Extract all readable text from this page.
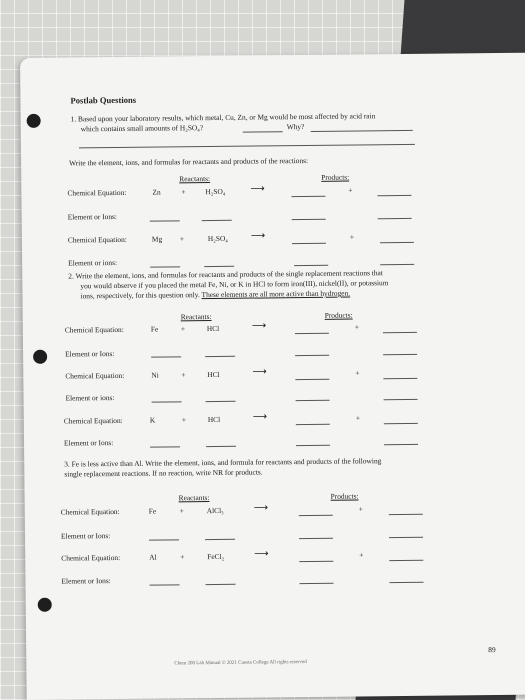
Postlab Questions
1. Based upon your laboratory results, which metal, Cu, Zn, or Mg would be most affected by acid rain
which contains small amounts of H₂SO₄?	Why?
Write the element, ions, and formulas for reactants and products of the reactions:
Reactants:	Products:
Chemical Equation:	Zn	+	H₂SO₄ ⟶	+
Element or Ions:
Chemical Equation:	Mg +	H₂SO₄ ⟶	+
Element or ions:
2. Write the element, ions, and formulas for reactants and products of the single replacement reactions that
you would observe if you placed the metal Fe, Ni, or K in HCl to form iron(III), nickel(II), or potassium
ions, respectively, for this question only. These elements are all more active than hydrogen.
Reactants:	Products:
Chemical Equation:	Fe	+	HCl	⟶	+
Element or Ions:
Chemical Equation:	Ni	+	HCl	⟶	+
Element or ions:
Chemical Equation:	K	+	HCl	⟶	+
Element or Ions:
3. Fe is less active than Al. Write the element, ions, and formula for reactants and products of the following
single replacement reactions. If no reaction, write NR for products.
Reactants:	Products:
Chemical Equation:	Fe	+	AlCl₃	⟶	+
Element or Ions:
Chemical Equation:	Al	+	FeCl₂	⟶	+
Element or Ions:
89
Chem 200 Lab Manual © 2021 Cuesta College All rights reserved
